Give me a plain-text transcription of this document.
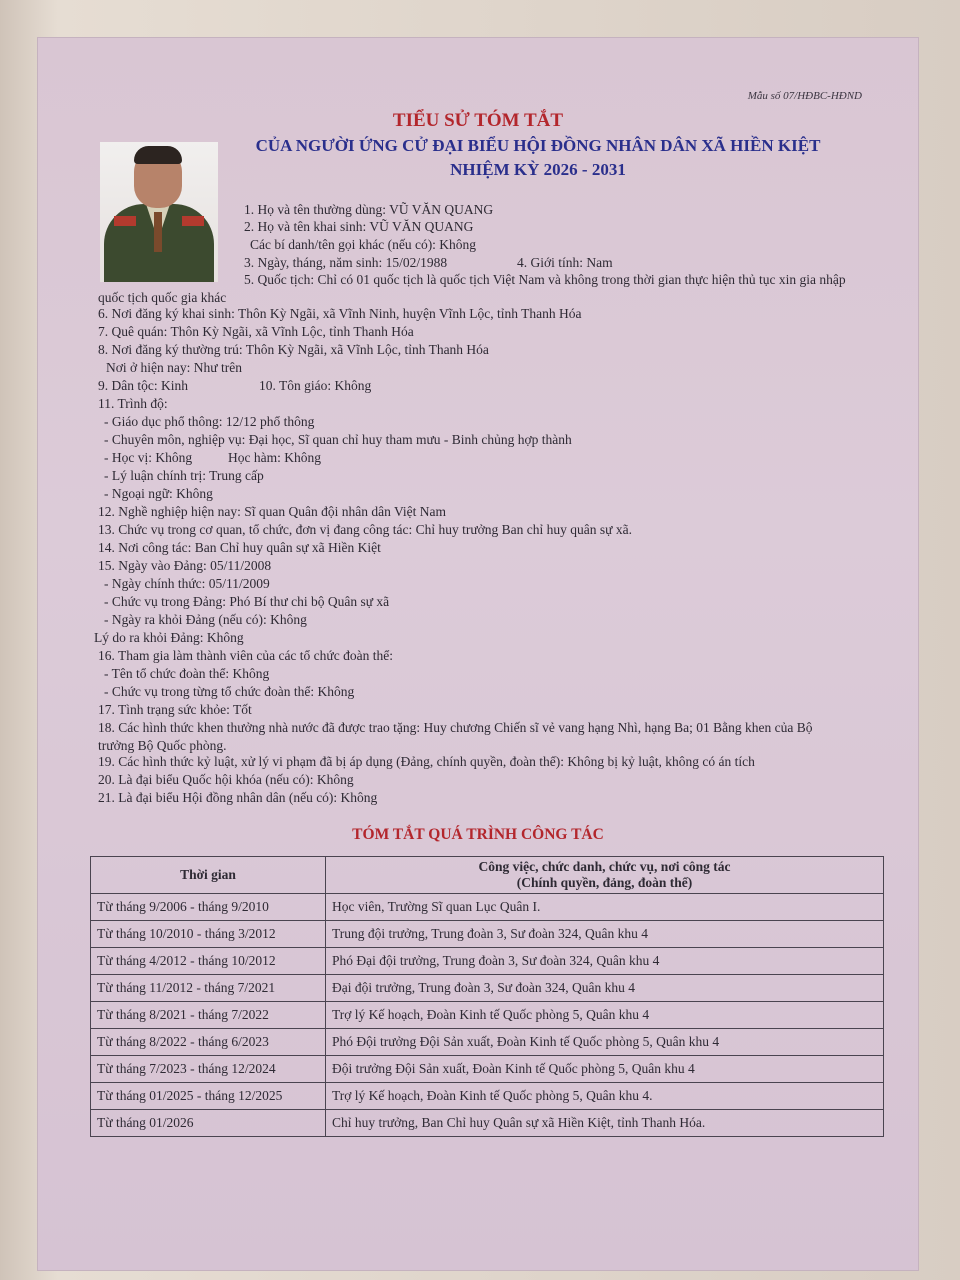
Mẫu số 07/HĐBC-HĐND
TIỂU SỬ TÓM TẮT
CỦA NGƯỜI ỨNG CỬ ĐẠI BIỂU HỘI ĐỒNG NHÂN DÂN XÃ HIỀN KIỆT
NHIỆM KỲ 2026 - 2031
1. Họ và tên thường dùng: VŨ VĂN QUANG
2. Họ và tên khai sinh: VŨ VĂN QUANG
Các bí danh/tên gọi khác (nếu có): Không
3. Ngày, tháng, năm sinh: 15/02/1988	4. Giới tính: Nam
5. Quốc tịch: Chỉ có 01 quốc tịch là quốc tịch Việt Nam và không trong thời gian thực hiện thủ tục xin gia nhập
quốc tịch quốc gia khác
6. Nơi đăng ký khai sinh: Thôn Kỳ Ngãi, xã Vĩnh Ninh, huyện Vĩnh Lộc, tỉnh Thanh Hóa
7. Quê quán: Thôn Kỳ Ngãi, xã Vĩnh Lộc, tỉnh Thanh Hóa
8. Nơi đăng ký thường trú: Thôn Kỳ Ngãi, xã Vĩnh Lộc, tỉnh Thanh Hóa
Nơi ở hiện nay: Như trên
9. Dân tộc: Kinh	10. Tôn giáo: Không
11. Trình độ:
- Giáo dục phổ thông: 12/12 phổ thông
- Chuyên môn, nghiệp vụ: Đại học, Sĩ quan chỉ huy tham mưu - Binh chủng hợp thành
- Học vị: Không	Học hàm: Không
- Lý luận chính trị: Trung cấp
- Ngoại ngữ: Không
12. Nghề nghiệp hiện nay: Sĩ quan Quân đội nhân dân Việt Nam
13. Chức vụ trong cơ quan, tổ chức, đơn vị đang công tác: Chỉ huy trưởng Ban chỉ huy quân sự xã.
14. Nơi công tác: Ban Chỉ huy quân sự xã Hiền Kiệt
15. Ngày vào Đảng: 05/11/2008
- Ngày chính thức: 05/11/2009
- Chức vụ trong Đảng: Phó Bí thư chi bộ Quân sự xã
- Ngày ra khỏi Đảng (nếu có): Không
Lý do ra khỏi Đảng: Không
16. Tham gia làm thành viên của các tổ chức đoàn thể:
- Tên tổ chức đoàn thể: Không
- Chức vụ trong từng tổ chức đoàn thể: Không
17. Tình trạng sức khỏe: Tốt
18. Các hình thức khen thưởng nhà nước đã được trao tặng: Huy chương Chiến sĩ vẻ vang hạng Nhì, hạng Ba; 01 Bằng khen của Bộ
trưởng Bộ Quốc phòng.
19. Các hình thức kỷ luật, xử lý vi phạm đã bị áp dụng (Đảng, chính quyền, đoàn thể): Không bị kỷ luật, không có án tích
20. Là đại biểu Quốc hội khóa (nếu có): Không
21. Là đại biểu Hội đồng nhân dân (nếu có): Không
TÓM TẮT QUÁ TRÌNH CÔNG TÁC
Thời gian	Công việc, chức danh, chức vụ, nơi công tác
(Chính quyền, đảng, đoàn thể)

Từ tháng 9/2006 - tháng 9/2010	Học viên, Trường Sĩ quan Lục Quân I.
Từ tháng 10/2010 - tháng 3/2012	Trung đội trưởng, Trung đoàn 3, Sư đoàn 324, Quân khu 4
Từ tháng 4/2012 - tháng 10/2012	Phó Đại đội trưởng, Trung đoàn 3, Sư đoàn 324, Quân khu 4
Từ tháng 11/2012 - tháng 7/2021	Đại đội trưởng, Trung đoàn 3, Sư đoàn 324, Quân khu 4
Từ tháng 8/2021 - tháng 7/2022	Trợ lý Kế hoạch, Đoàn Kinh tế Quốc phòng 5, Quân khu 4
Từ tháng 8/2022 - tháng 6/2023	Phó Đội trưởng Đội Sản xuất, Đoàn Kinh tế Quốc phòng 5, Quân khu 4
Từ tháng 7/2023 - tháng 12/2024	Đội trưởng Đội Sản xuất, Đoàn Kinh tế Quốc phòng 5, Quân khu 4
Từ tháng 01/2025 - tháng 12/2025	Trợ lý Kế hoạch, Đoàn Kinh tế Quốc phòng 5, Quân khu 4.
Từ tháng 01/2026	Chỉ huy trưởng, Ban Chỉ huy Quân sự xã Hiền Kiệt, tỉnh Thanh Hóa.
